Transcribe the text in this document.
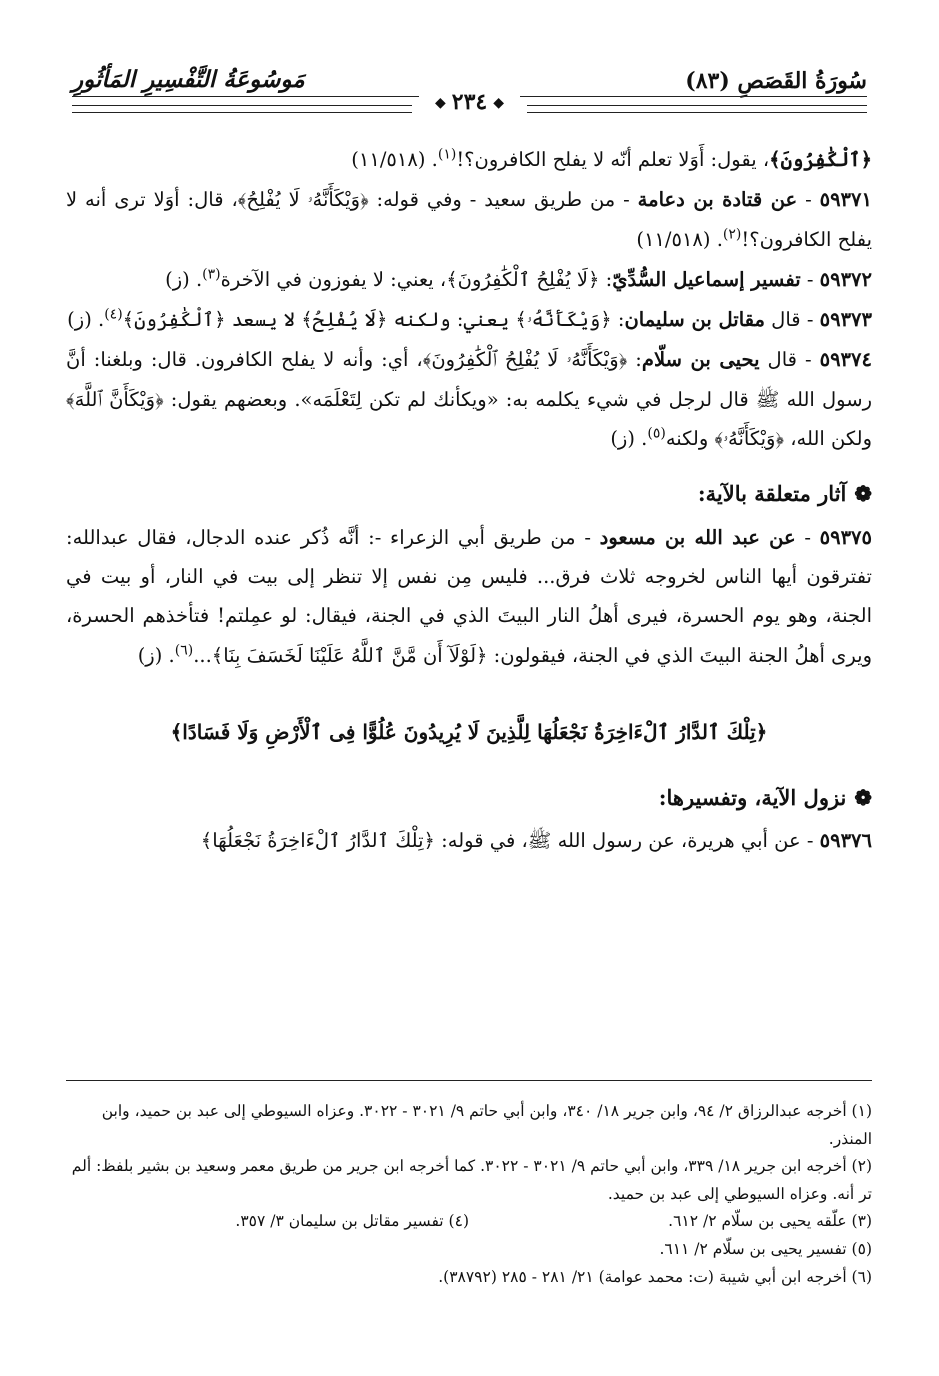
سُورَةُ القَصَصِ (٨٣)
مَوسُوعَةُ التَّفْسِيرِ المَأثُورِ
◆٢٣٤◆

﴿ٱلْكَٰفِرُونَ﴾، يقول: أَوَلا تعلم أنّه لا يفلح الكافرون؟!$^{(١)}$. (١١/٥١٨)

٥٩٣٧١ - عن قتادة بن دعامة - من طريق سعيد - وفي قوله: ﴿وَيْكَأَنَّهُۥ لَا يُفْلِحُ﴾، قال: أوَلا ترى أنه لا يفلح الكافرون؟!$^{(٢)}$. (١١/٥١٨)

٥٩٣٧٢ - تفسير إسماعيل السُّدِّيّ: ﴿لَا يُفْلِحُ ٱلْكَٰفِرُونَ﴾، يعني: لا يفوزون في الآخرة$^{(٣)}$. (ز)

٥٩٣٧٣ - قال مقاتل بن سليمان: ﴿وَيْكَأَنَّهُۥ﴾ يعني: ولكنه ﴿لَا يُفْلِحُ﴾ لا يسعد ﴿ٱلْكَٰفِرُونَ﴾$^{(٤)}$. (ز)

٥٩٣٧٤ - قال يحيى بن سلّام: ﴿وَيْكَأَنَّهُۥ لَا يُفْلِحُ ٱلْكَٰفِرُونَ﴾، أي: وأنه لا يفلح الكافرون. قال: وبلغنا: أنَّ رسول الله ﷺ قال لرجل في شيء يكلمه به: «ويكأنك لم تكن لِتَعْلَمَه». وبعضهم يقول: ﴿وَيْكَأَنَّ ٱللَّهَ﴾ ولكن الله، ﴿وَيْكَأَنَّهُۥ﴾ ولكنه$^{(٥)}$. (ز)

❁آثار متعلقة بالآية:

٥٩٣٧٥ - عن عبد الله بن مسعود - من طريق أبي الزعراء -: أنَّه ذُكر عنده الدجال، فقال عبدالله: تفترقون أيها الناس لخروجه ثلاث فرق... فليس مِن نفس إلا تنظر إلى بيت في النار، أو بيت في الجنة، وهو يوم الحسرة، فيرى أهلُ النار البيتَ الذي في الجنة، فيقال: لو عمِلتم! فتأخذهم الحسرة، ويرى أهلُ الجنة البيتَ الذي في الجنة، فيقولون: ﴿لَوْلَآ أَن مَّنَّ ٱللَّهُ عَلَيْنَا لَخَسَفَ بِنَا﴾...$^{(٦)}$. (ز)

﴿تِلْكَ ٱلدَّارُ ٱلْءَاخِرَةُ نَجْعَلُهَا لِلَّذِينَ لَا يُرِيدُونَ عُلُوًّا فِى ٱلْأَرْضِ وَلَا فَسَادًا﴾
❁نزول الآية، وتفسيرها:

٥٩٣٧٦ - عن أبي هريرة، عن رسول الله ﷺ، في قوله: ﴿تِلْكَ ٱلدَّارُ ٱلْءَاخِرَةُ نَجْعَلُهَا﴾

(١) أخرجه عبدالرزاق ٢/ ٩٤، وابن جرير ١٨/ ٣٤٠، وابن أبي حاتم ٩/ ٣٠٢١ - ٣٠٢٢. وعزاه السيوطي إلى عبد بن حميد، وابن المنذر.

(٢) أخرجه ابن جرير ١٨/ ٣٣٩، وابن أبي حاتم ٩/ ٣٠٢١ - ٣٠٢٢. كما أخرجه ابن جرير من طريق معمر وسعيد بن بشير بلفظ: ألم تر أنه. وعزاه السيوطي إلى عبد بن حميد.

(٣) علّقه يحيى بن سلّام ٢/ ٦١٢.

(٤) تفسير مقاتل بن سليمان ٣/ ٣٥٧.

(٥) تفسير يحيى بن سلّام ٢/ ٦١١.

(٦) أخرجه ابن أبي شيبة (ت: محمد عوامة) ٢١/ ٢٨١ - ٢٨٥ (٣٨٧٩٢).
